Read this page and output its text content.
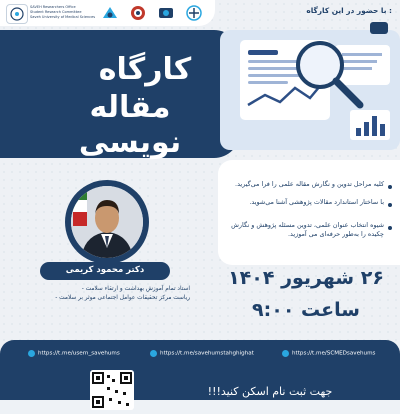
SAVEH Researchers Office
Student Research Committee
Saveh University of Medical Sciences
کارگاه
مقاله نویسی
: با حضور در این کارگاه
کلیه مراحل تدوین و نگارش مقاله علمی را فرا می‌گیرید.
با ساختار استاندارد مقالات پژوهشی آشنا می‌شوید.
شیوه انتخاب عنوان علمی، تدوین مسئله پژوهش و نگارش چکیده را به‌طور حرفه‌ای می آموزید.
دکتر محمود کریمی
استاد تمام آموزش بهداشت و ارتقاء سلامت -
ریاست مرکز تحقیقات عوامل اجتماعی موثر بر سلامت -
۲۶ شهریور ۱۴۰۴
ساعت ۹:۰۰
https://t.me/usern_savehums	https://t.me/savehumstahghighat	https://t.me/SCMEDsavehums
جهت ثبت نام اسکن کنید!!!
